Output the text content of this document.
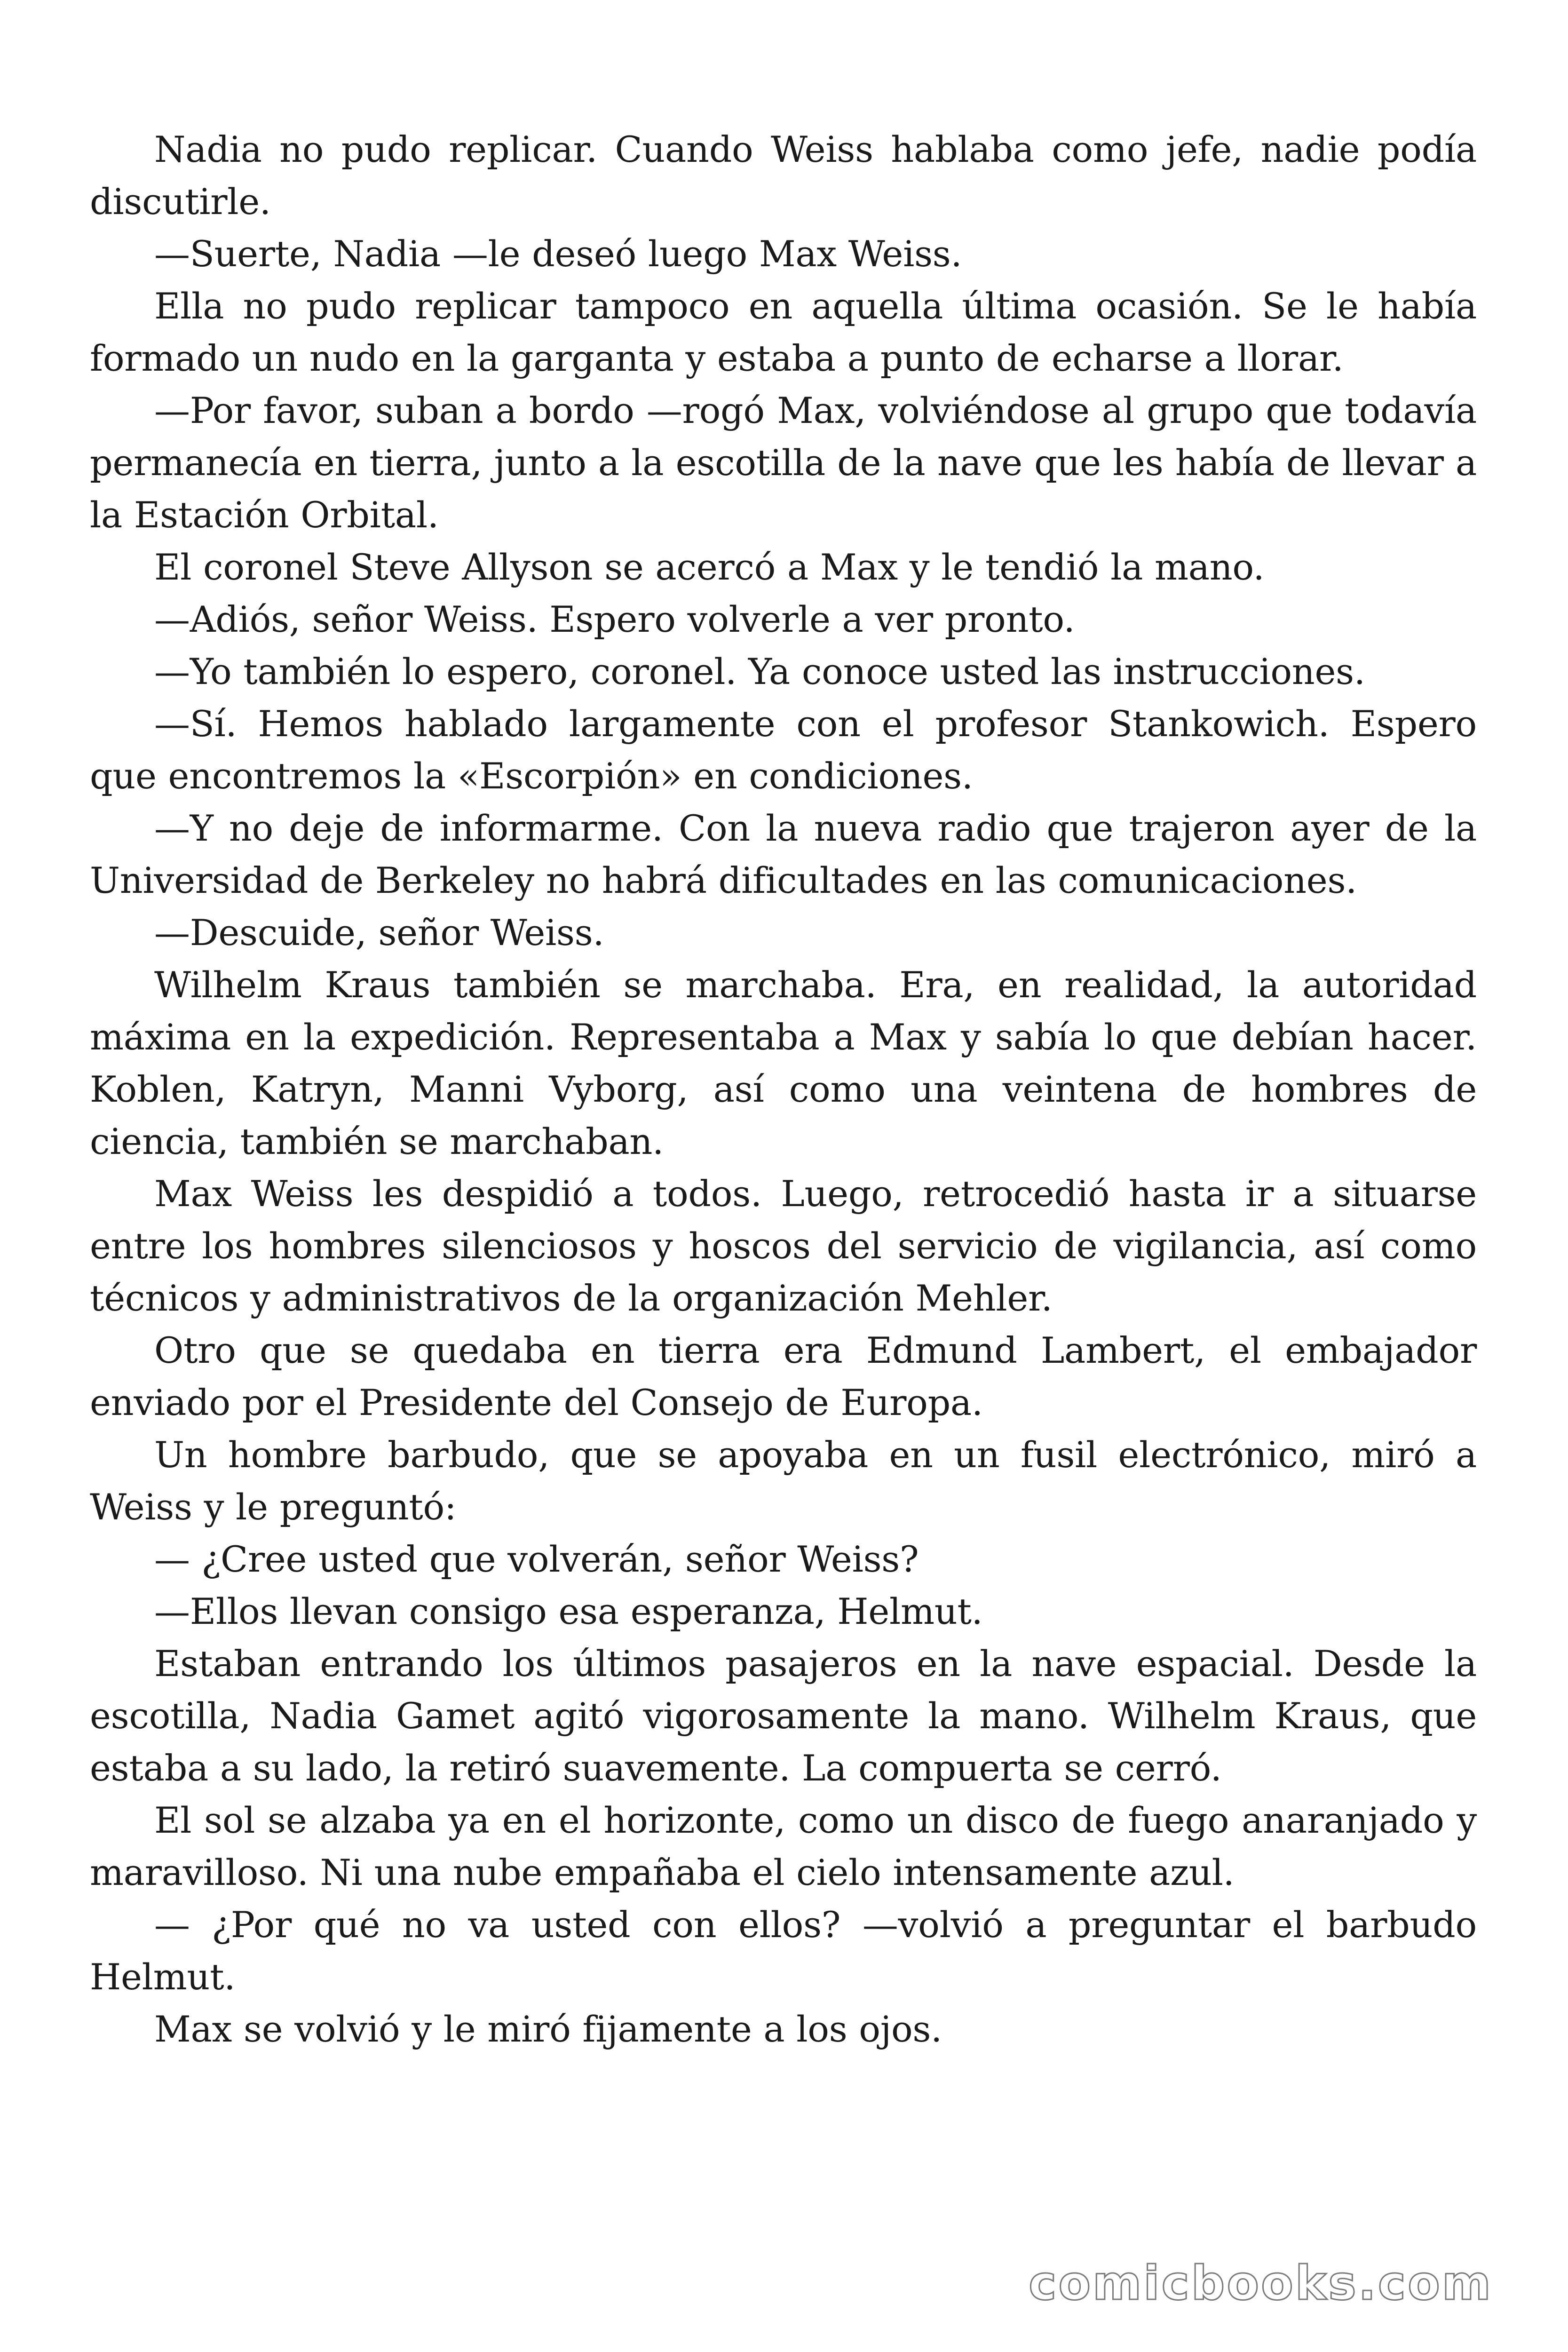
Nadia no pudo replicar. Cuando Weiss hablaba como jefe, nadie podía discutirle.

—Suerte, Nadia —le deseó luego Max Weiss.

Ella no pudo replicar tampoco en aquella última ocasión. Se le había formado un nudo en la garganta y estaba a punto de echarse a llorar.

—Por favor, suban a bordo —rogó Max, volviéndose al grupo que todavía permanecía en tierra, junto a la escotilla de la nave que les había de llevar a la Estación Orbital.

El coronel Steve Allyson se acercó a Max y le tendió la mano.

—Adiós, señor Weiss. Espero volverle a ver pronto.

—Yo también lo espero, coronel. Ya conoce usted las instrucciones.

—Sí. Hemos hablado largamente con el profesor Stankowich. Espero que encontremos la «Escorpión» en condiciones.

—Y no deje de informarme. Con la nueva radio que trajeron ayer de la Universidad de Berkeley no habrá dificultades en las comunicaciones.

—Descuide, señor Weiss.

Wilhelm Kraus también se marchaba. Era, en realidad, la autoridad máxima en la expedición. Representaba a Max y sabía lo que debían hacer. Koblen, Katryn, Manni Vyborg, así como una veintena de hombres de ciencia, también se marchaban.

Max Weiss les despidió a todos. Luego, retrocedió hasta ir a situarse entre los hombres silenciosos y hoscos del servicio de vigilancia, así como técnicos y administrativos de la organización Mehler.

Otro que se quedaba en tierra era Edmund Lambert, el embajador enviado por el Presidente del Consejo de Europa.

Un hombre barbudo, que se apoyaba en un fusil electrónico, miró a Weiss y le preguntó:

— ¿Cree usted que volverán, señor Weiss?

—Ellos llevan consigo esa esperanza, Helmut.

Estaban entrando los últimos pasajeros en la nave espacial. Desde la escotilla, Nadia Gamet agitó vigorosamente la mano. Wilhelm Kraus, que estaba a su lado, la retiró suavemente. La compuerta se cerró.

El sol se alzaba ya en el horizonte, como un disco de fuego anaranjado y maravilloso. Ni una nube empañaba el cielo intensamente azul.

— ¿Por qué no va usted con ellos? —volvió a preguntar el barbudo Helmut.

Max se volvió y le miró fijamente a los ojos.

comicbooks.com
